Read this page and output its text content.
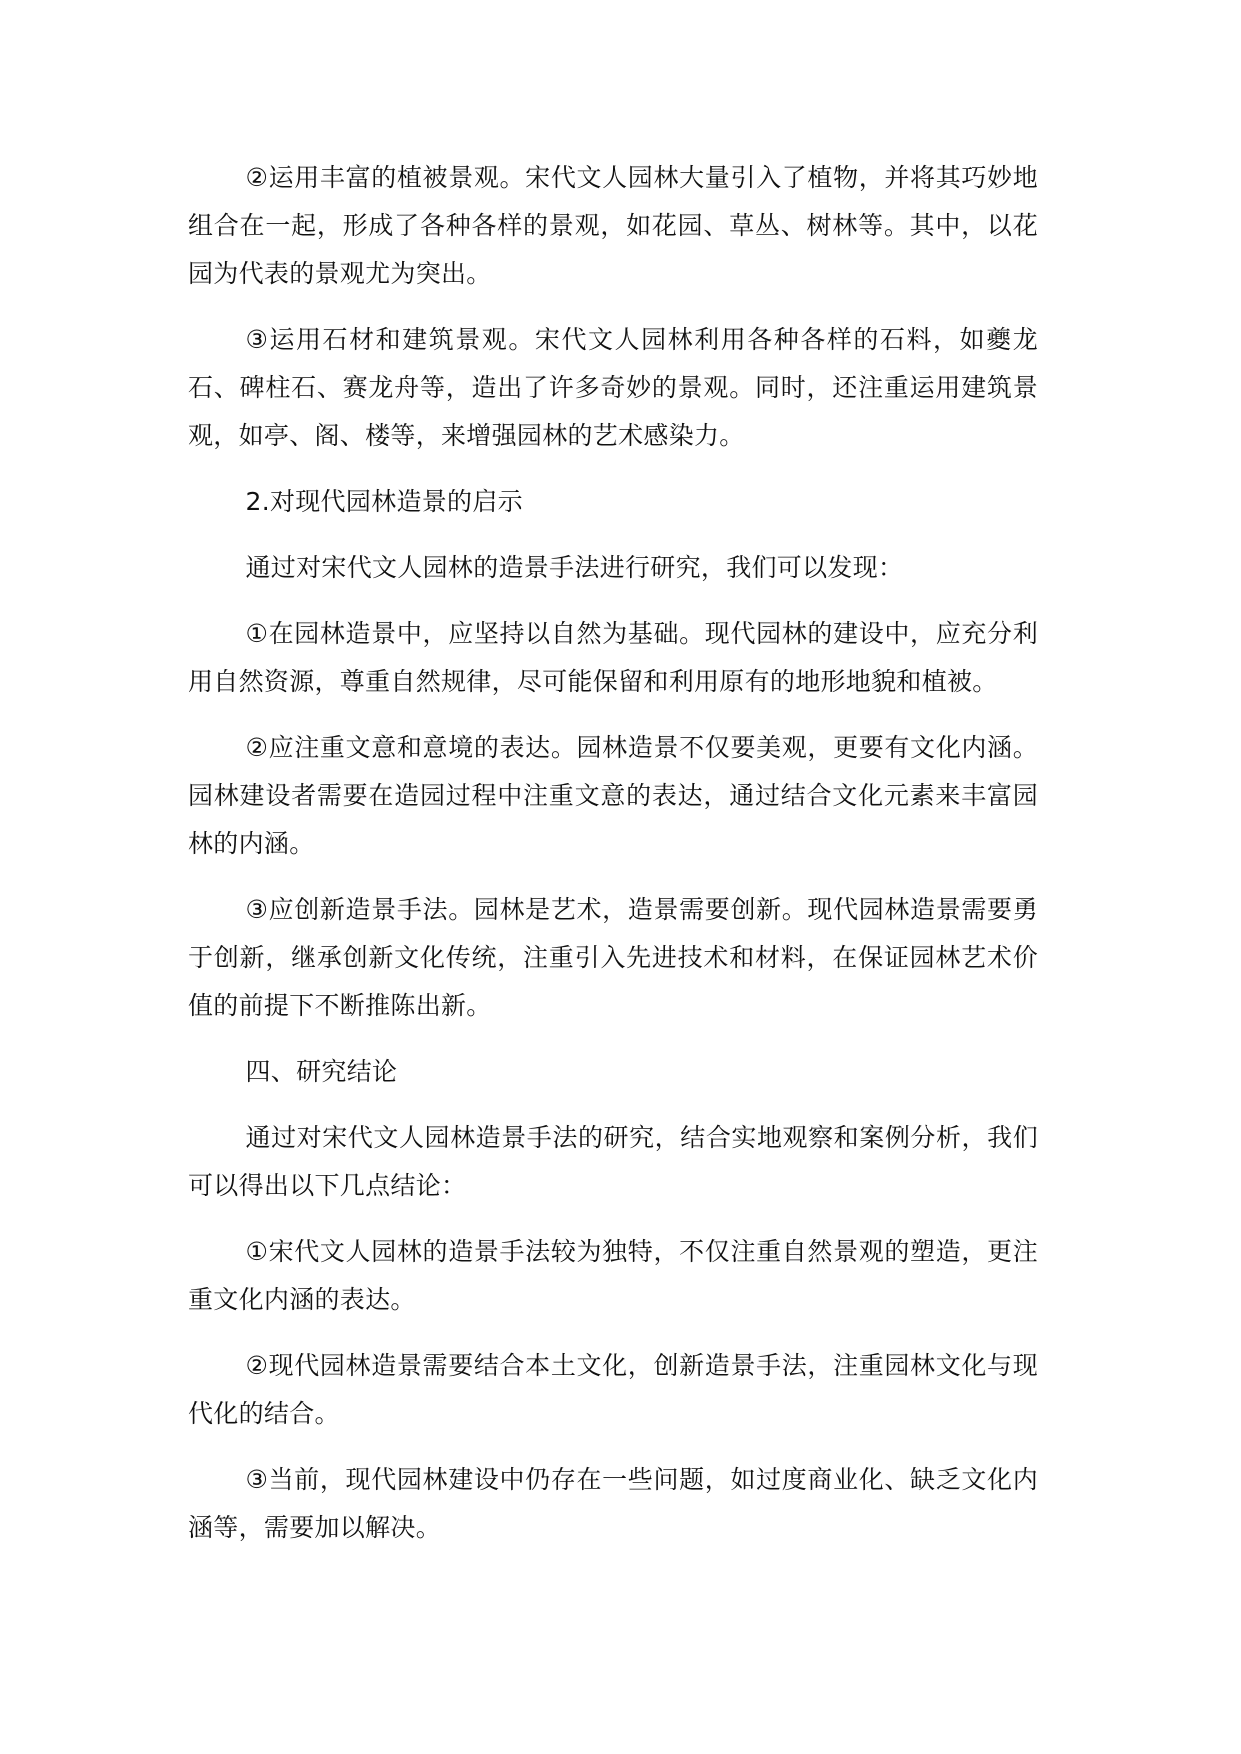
②运用丰富的植被景观。宋代文人园林大量引入了植物，并将其巧妙地组合在一起，形成了各种各样的景观，如花园、草丛、树林等。其中，以花园为代表的景观尤为突出。

③运用石材和建筑景观。宋代文人园林利用各种各样的石料，如夔龙石、碑柱石、赛龙舟等，造出了许多奇妙的景观。同时，还注重运用建筑景观，如亭、阁、楼等，来增强园林的艺术感染力。

2.对现代园林造景的启示

通过对宋代文人园林的造景手法进行研究，我们可以发现：

①在园林造景中，应坚持以自然为基础。现代园林的建设中，应充分利用自然资源，尊重自然规律，尽可能保留和利用原有的地形地貌和植被。

②应注重文意和意境的表达。园林造景不仅要美观，更要有文化内涵。园林建设者需要在造园过程中注重文意的表达，通过结合文化元素来丰富园林的内涵。

③应创新造景手法。园林是艺术，造景需要创新。现代园林造景需要勇于创新，继承创新文化传统，注重引入先进技术和材料，在保证园林艺术价值的前提下不断推陈出新。

四、研究结论

通过对宋代文人园林造景手法的研究，结合实地观察和案例分析，我们可以得出以下几点结论：

①宋代文人园林的造景手法较为独特，不仅注重自然景观的塑造，更注重文化内涵的表达。

②现代园林造景需要结合本土文化，创新造景手法，注重园林文化与现代化的结合。

③当前，现代园林建设中仍存在一些问题，如过度商业化、缺乏文化内涵等，需要加以解决。
